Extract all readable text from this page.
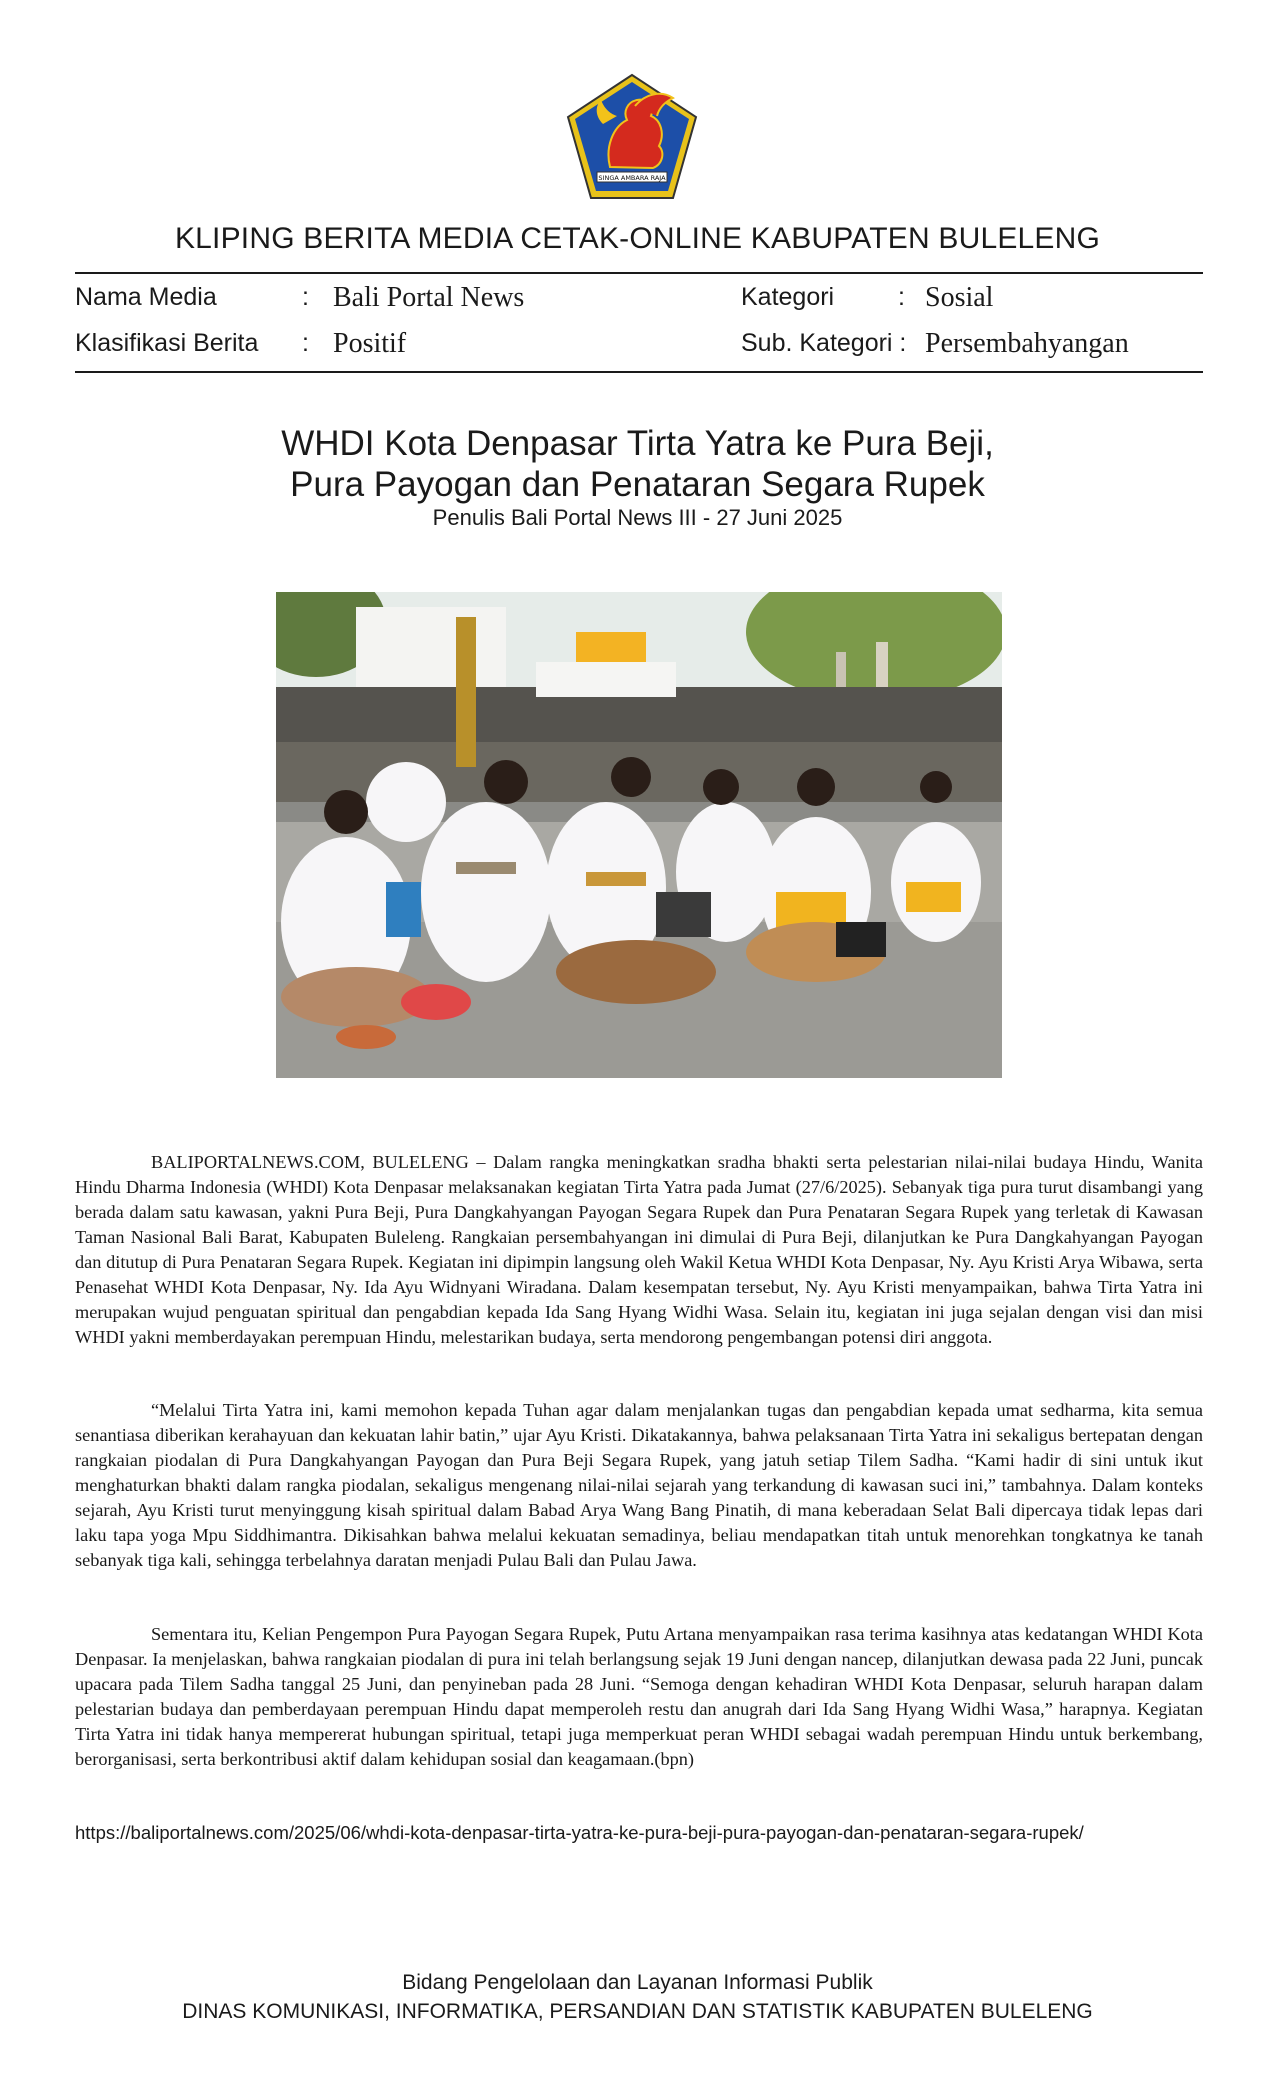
SINGA AMBARA RAJA
KLIPING BERITA MEDIA CETAK-ONLINE KABUPATEN BULELENG
Nama Media	: Bali Portal News
Klasifikasi Berita : Positif
Kategori	: Sosial
Sub. Kategori : Persembahyangan
WHDI Kota Denpasar Tirta Yatra ke Pura Beji,
Pura Payogan dan Penataran Segara Rupek
Penulis Bali Portal News III - 27 Juni 2025

BALIPORTALNEWS.COM, BULELENG – Dalam rangka meningkatkan sradha bhakti serta pelestarian nilai-nilai budaya Hindu, Wanita Hindu Dharma Indonesia (WHDI) Kota Denpasar melaksanakan kegiatan Tirta Yatra pada Jumat (27/6/2025). Sebanyak tiga pura turut disambangi yang berada dalam satu kawasan, yakni Pura Beji, Pura Dangkahyangan Payogan Segara Rupek dan Pura Penataran Segara Rupek yang terletak di Kawasan Taman Nasional Bali Barat, Kabupaten Buleleng. Rangkaian persembahyangan ini dimulai di Pura Beji, dilanjutkan ke Pura Dangkahyangan Payogan dan ditutup di Pura Penataran Segara Rupek. Kegiatan ini dipimpin langsung oleh Wakil Ketua WHDI Kota Denpasar, Ny. Ayu Kristi Arya Wibawa, serta Penasehat WHDI Kota Denpasar, Ny. Ida Ayu Widnyani Wiradana. Dalam kesempatan tersebut, Ny. Ayu Kristi menyampaikan, bahwa Tirta Yatra ini merupakan wujud penguatan spiritual dan pengabdian kepada Ida Sang Hyang Widhi Wasa. Selain itu, kegiatan ini juga sejalan dengan visi dan misi WHDI yakni memberdayakan perempuan Hindu, melestarikan budaya, serta mendorong pengembangan potensi diri anggota.

“Melalui Tirta Yatra ini, kami memohon kepada Tuhan agar dalam menjalankan tugas dan pengabdian kepada umat sedharma, kita semua senantiasa diberikan kerahayuan dan kekuatan lahir batin,” ujar Ayu Kristi. Dikatakannya, bahwa pelaksanaan Tirta Yatra ini sekaligus bertepatan dengan rangkaian piodalan di Pura Dangkahyangan Payogan dan Pura Beji Segara Rupek, yang jatuh setiap Tilem Sadha. “Kami hadir di sini untuk ikut menghaturkan bhakti dalam rangka piodalan, sekaligus mengenang nilai-nilai sejarah yang terkandung di kawasan suci ini,” tambahnya. Dalam konteks sejarah, Ayu Kristi turut menyinggung kisah spiritual dalam Babad Arya Wang Bang Pinatih, di mana keberadaan Selat Bali dipercaya tidak lepas dari laku tapa yoga Mpu Siddhimantra. Dikisahkan bahwa melalui kekuatan semadinya, beliau mendapatkan titah untuk menorehkan tongkatnya ke tanah sebanyak tiga kali, sehingga terbelahnya daratan menjadi Pulau Bali dan Pulau Jawa.

Sementara itu, Kelian Pengempon Pura Payogan Segara Rupek, Putu Artana menyampaikan rasa terima kasihnya atas kedatangan WHDI Kota Denpasar. Ia menjelaskan, bahwa rangkaian piodalan di pura ini telah berlangsung sejak 19 Juni dengan nancep, dilanjutkan dewasa pada 22 Juni, puncak upacara pada Tilem Sadha tanggal 25 Juni, dan penyineban pada 28 Juni. “Semoga dengan kehadiran WHDI Kota Denpasar, seluruh harapan dalam pelestarian budaya dan pemberdayaan perempuan Hindu dapat memperoleh restu dan anugrah dari Ida Sang Hyang Widhi Wasa,” harapnya. Kegiatan Tirta Yatra ini tidak hanya mempererat hubungan spiritual, tetapi juga memperkuat peran WHDI sebagai wadah perempuan Hindu untuk berkembang, berorganisasi, serta berkontribusi aktif dalam kehidupan sosial dan keagamaan.(bpn)

https://baliportalnews.com/2025/06/whdi-kota-denpasar-tirta-yatra-ke-pura-beji-pura-payogan-dan-penataran-segara-rupek/
Bidang Pengelolaan dan Layanan Informasi Publik
DINAS KOMUNIKASI, INFORMATIKA, PERSANDIAN DAN STATISTIK KABUPATEN BULELENG
